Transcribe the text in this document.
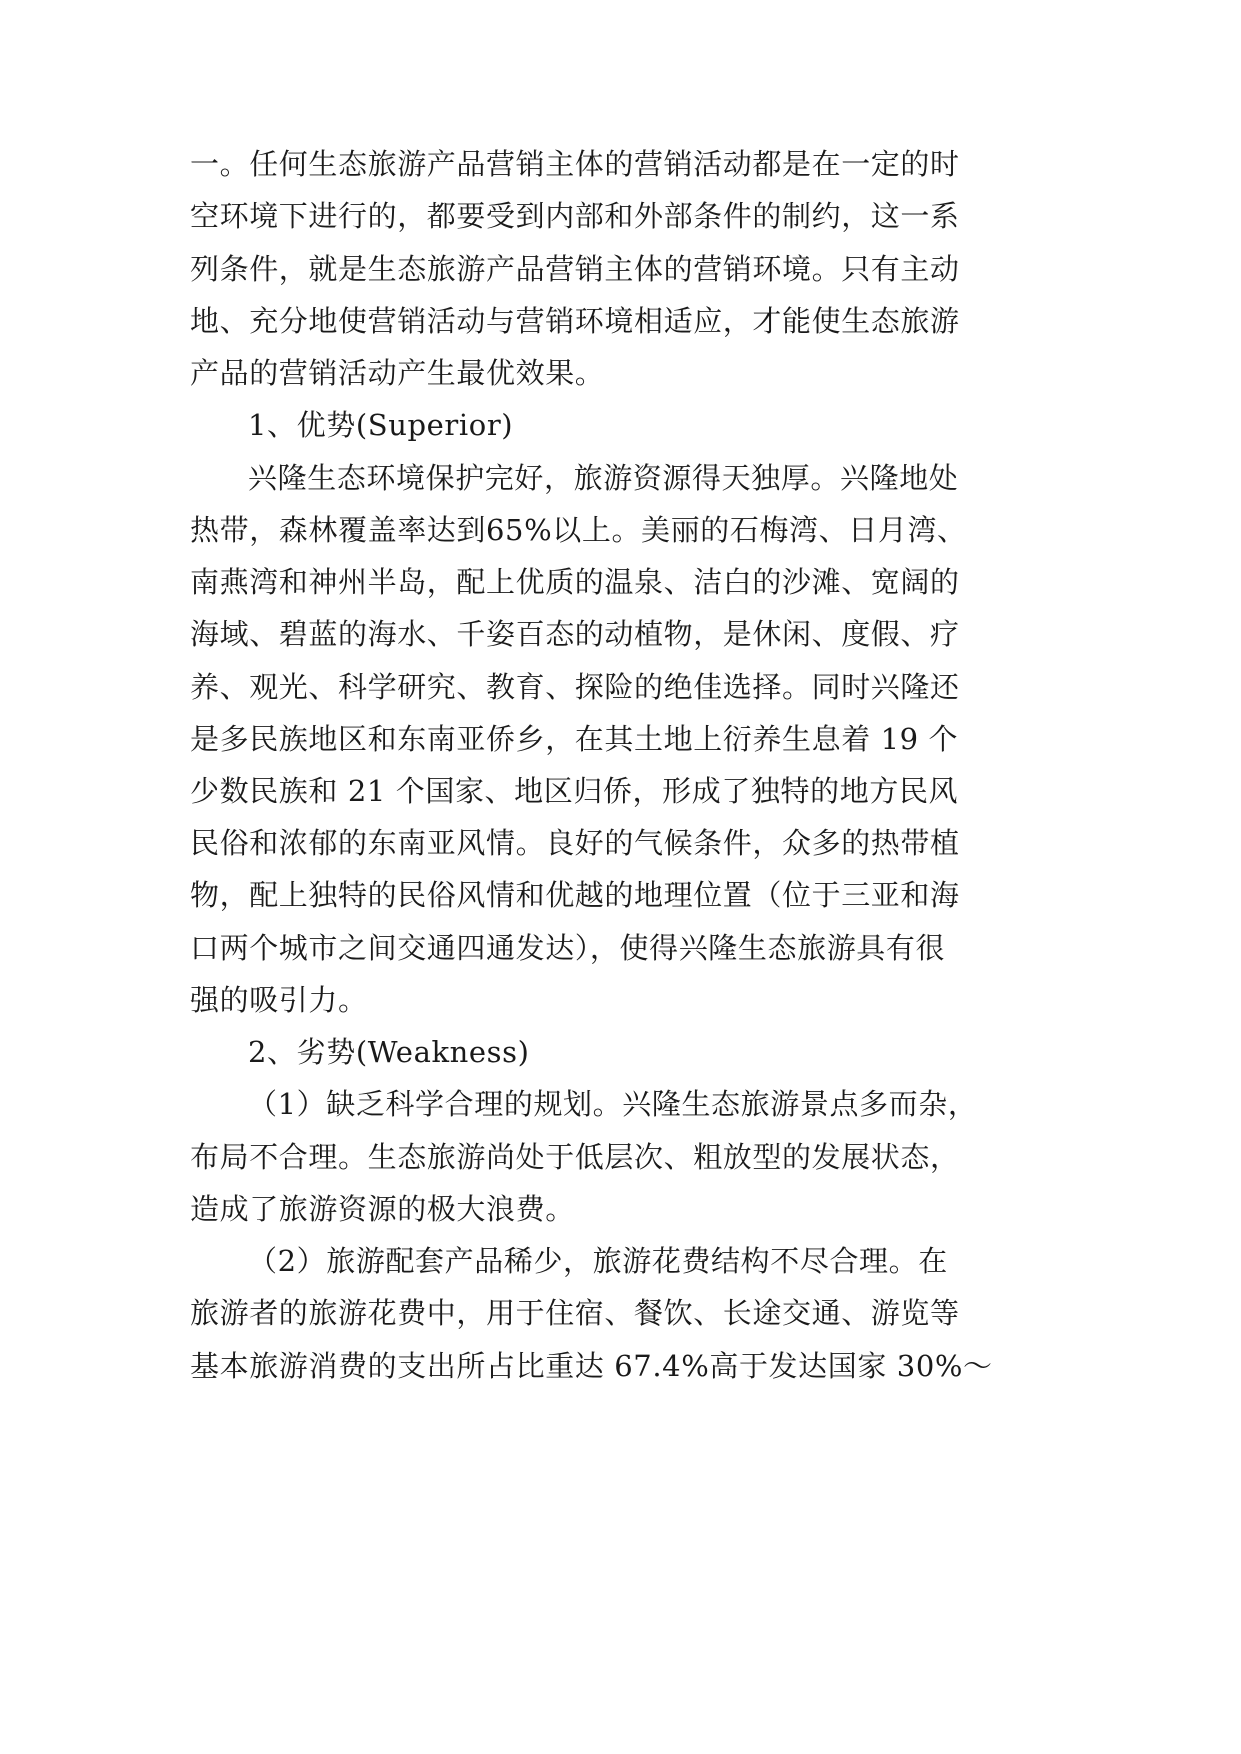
一。任何生态旅游产品营销主体的营销活动都是在一定的时
空环境下进行的，都要受到内部和外部条件的制约，这一系
列条件，就是生态旅游产品营销主体的营销环境。只有主动
地、充分地使营销活动与营销环境相适应，才能使生态旅游
产品的营销活动产生最优效果。
1、优势(Superior)
兴隆生态环境保护完好，旅游资源得天独厚。兴隆地处
热带，森林覆盖率达到65%以上。美丽的石梅湾、日月湾、
南燕湾和神州半岛，配上优质的温泉、洁白的沙滩、宽阔的
海域、碧蓝的海水、千姿百态的动植物，是休闲、度假、疗
养、观光、科学研究、教育、探险的绝佳选择。同时兴隆还
是多民族地区和东南亚侨乡，在其土地上衍养生息着 19 个
少数民族和 21 个国家、地区归侨，形成了独特的地方民风
民俗和浓郁的东南亚风情。良好的气候条件，众多的热带植
物，配上独特的民俗风情和优越的地理位置（位于三亚和海
口两个城市之间交通四通发达），使得兴隆生态旅游具有很
强的吸引力。
2、劣势(Weakness)
（1）缺乏科学合理的规划。兴隆生态旅游景点多而杂，
布局不合理。生态旅游尚处于低层次、粗放型的发展状态，
造成了旅游资源的极大浪费。
（2）旅游配套产品稀少，旅游花费结构不尽合理。在
旅游者的旅游花费中，用于住宿、餐饮、长途交通、游览等
基本旅游消费的支出所占比重达 67.4%高于发达国家 30%～
